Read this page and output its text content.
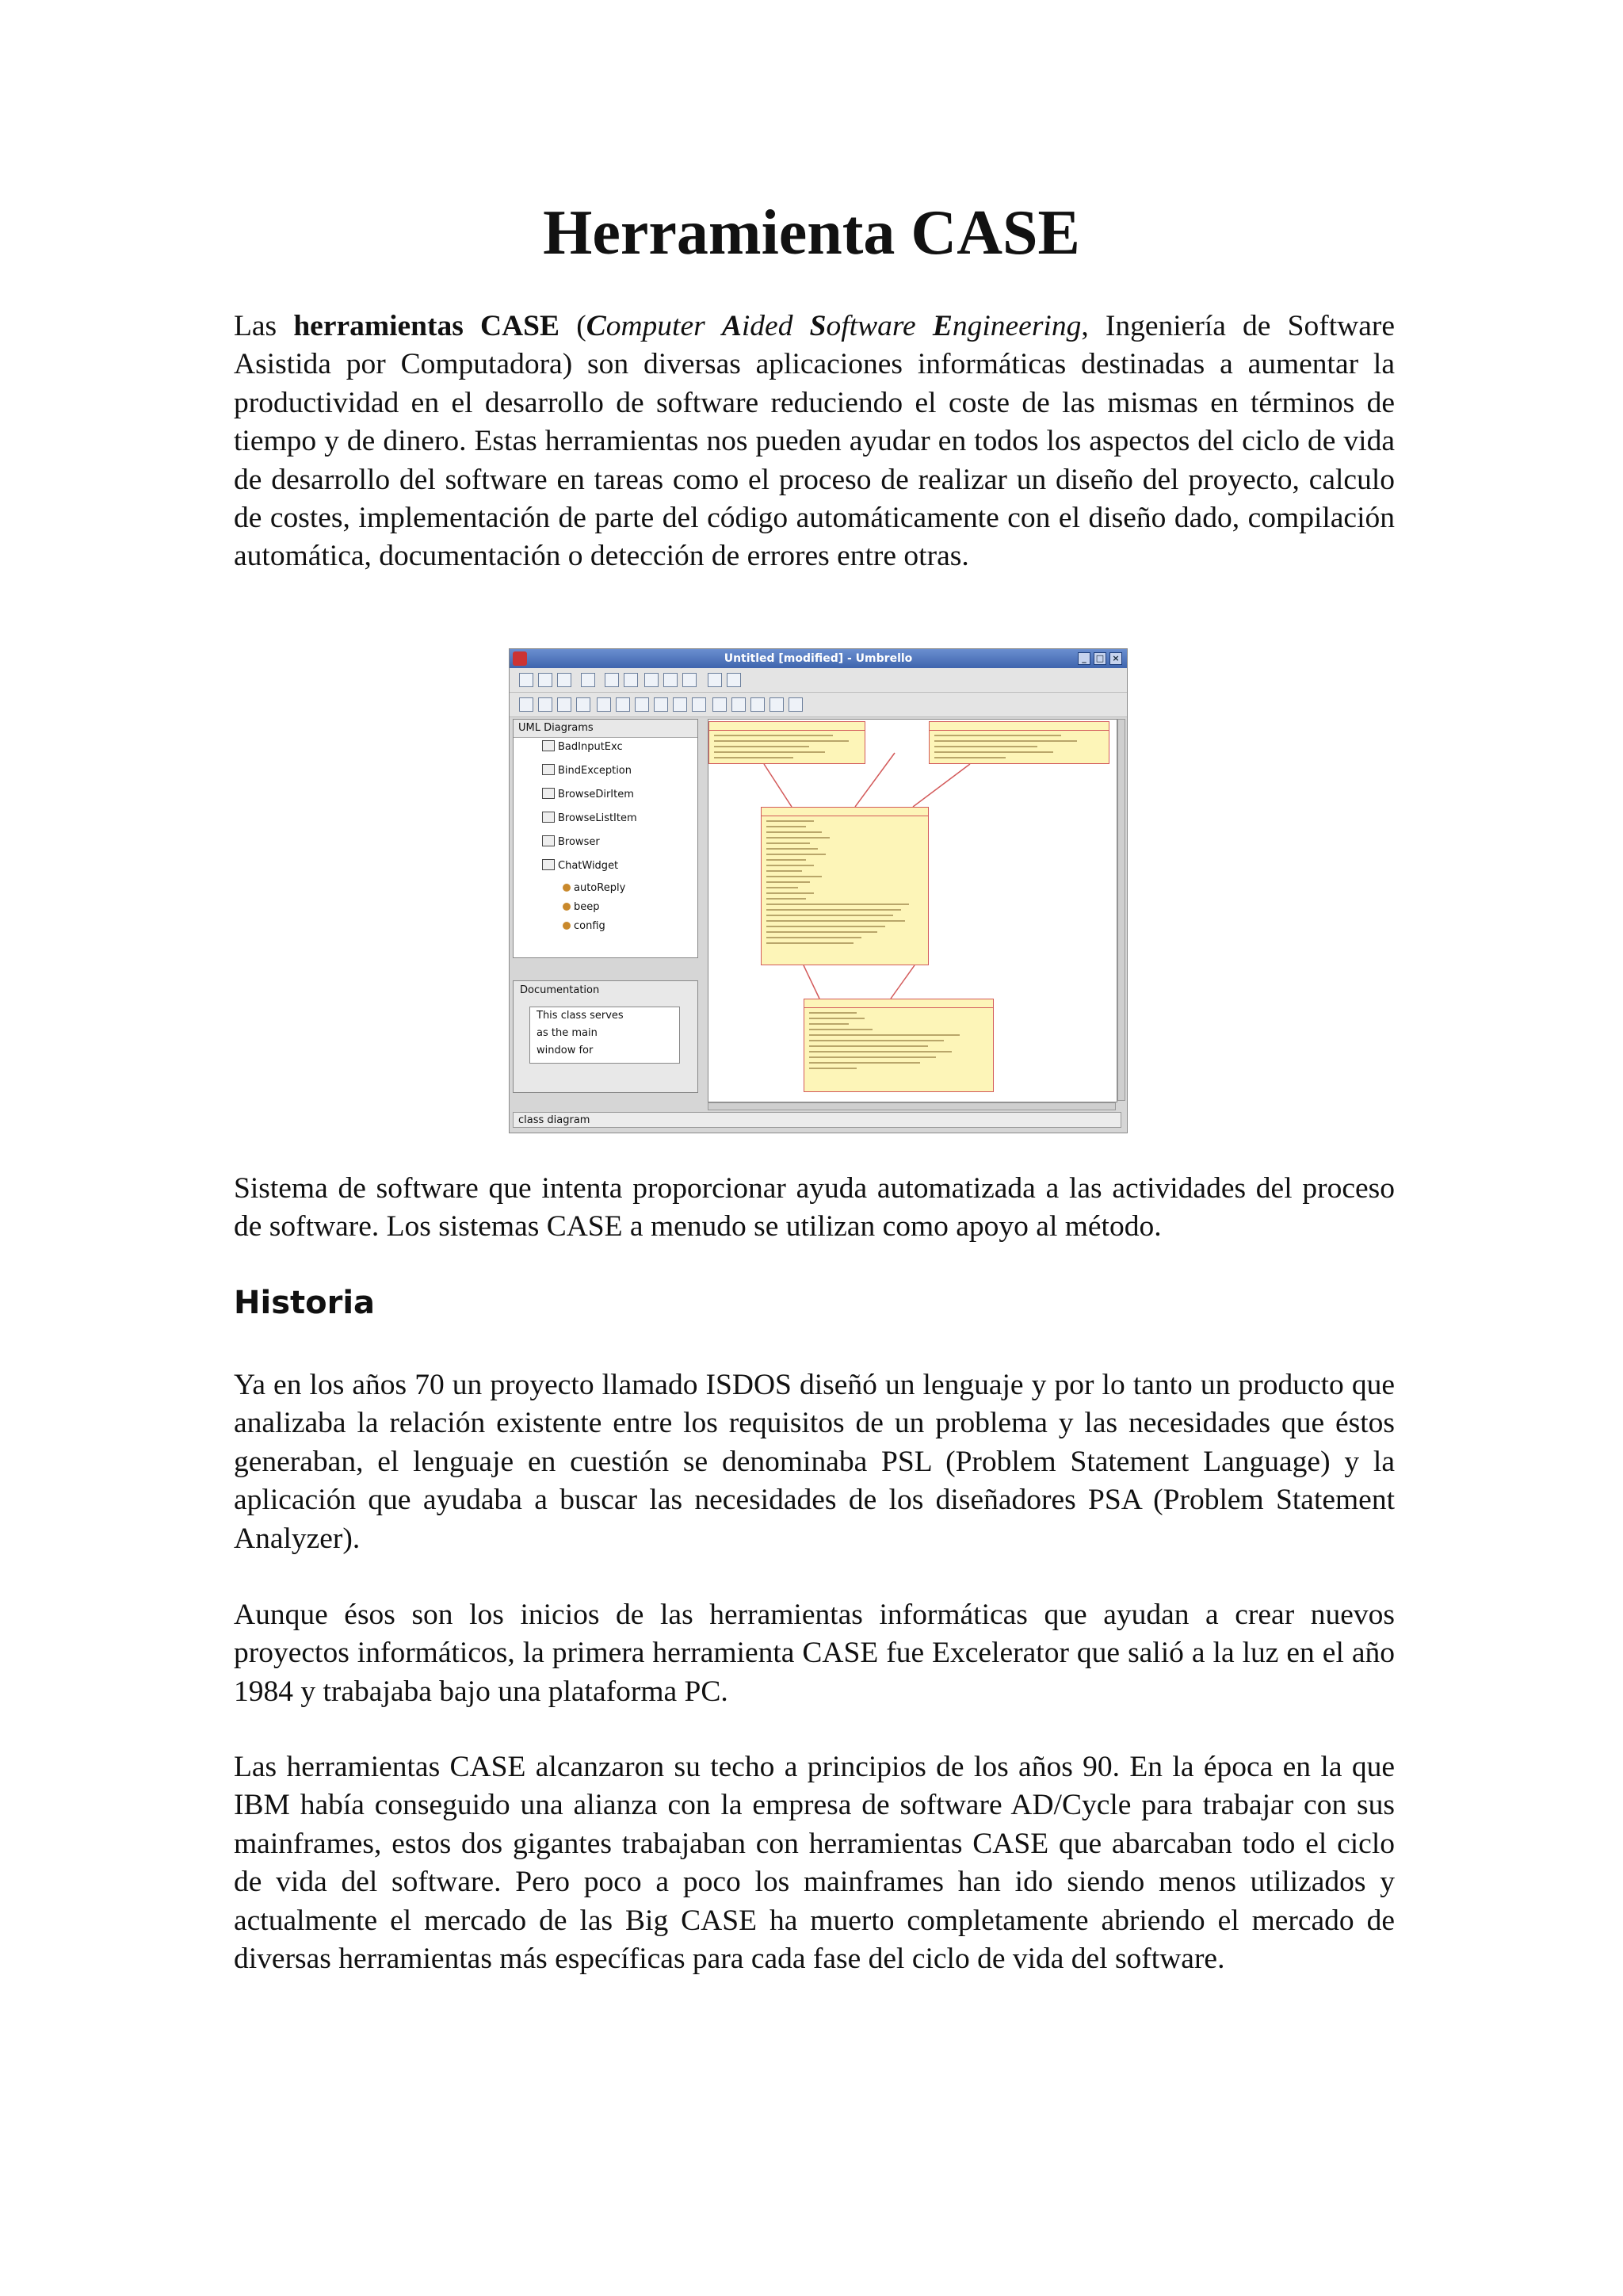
Herramienta CASE

Las herramientas CASE (Computer Aided Software Engineering, Ingeniería de Software Asistida por Computadora) son diversas aplicaciones informáticas destinadas a aumentar la productividad en el desarrollo de software reduciendo el coste de las mismas en términos de tiempo y de dinero. Estas herramientas nos pueden ayudar en todos los aspectos del ciclo de vida de desarrollo del software en tareas como el proceso de realizar un diseño del proyecto, calculo de costes, implementación de parte del código automáticamente con el diseño dado, compilación automática, documentación o detección de errores entre otras.

Untitled [modified] - Umbrello	_	□ ×
UML Diagrams
BadInputExc
BindException
BrowseDirItem
BrowseListItem
Browser
ChatWidget
autoReply
beep
config
Documentation
This class serves
as the main
window for
class diagram

Sistema de software que intenta proporcionar ayuda automatizada a las actividades del proceso de software. Los sistemas CASE a menudo se utilizan como apoyo al método.

Historia

Ya en los años 70 un proyecto llamado ISDOS diseñó un lenguaje y por lo tanto un producto que analizaba la relación existente entre los requisitos de un problema y las necesidades que éstos generaban, el lenguaje en cuestión se denominaba PSL (Problem Statement Language) y la aplicación que ayudaba a buscar las necesidades de los diseñadores PSA (Problem Statement Analyzer).

Aunque ésos son los inicios de las herramientas informáticas que ayudan a crear nuevos proyectos informáticos, la primera herramienta CASE fue Excelerator que salió a la luz en el año 1984 y trabajaba bajo una plataforma PC.

Las herramientas CASE alcanzaron su techo a principios de los años 90. En la época en la que IBM había conseguido una alianza con la empresa de software AD/Cycle para trabajar con sus mainframes, estos dos gigantes trabajaban con herramientas CASE que abarcaban todo el ciclo de vida del software. Pero poco a poco los mainframes han ido siendo menos utilizados y actualmente el mercado de las Big CASE ha muerto completamente abriendo el mercado de diversas herramientas más específicas para cada fase del ciclo de vida del software.
